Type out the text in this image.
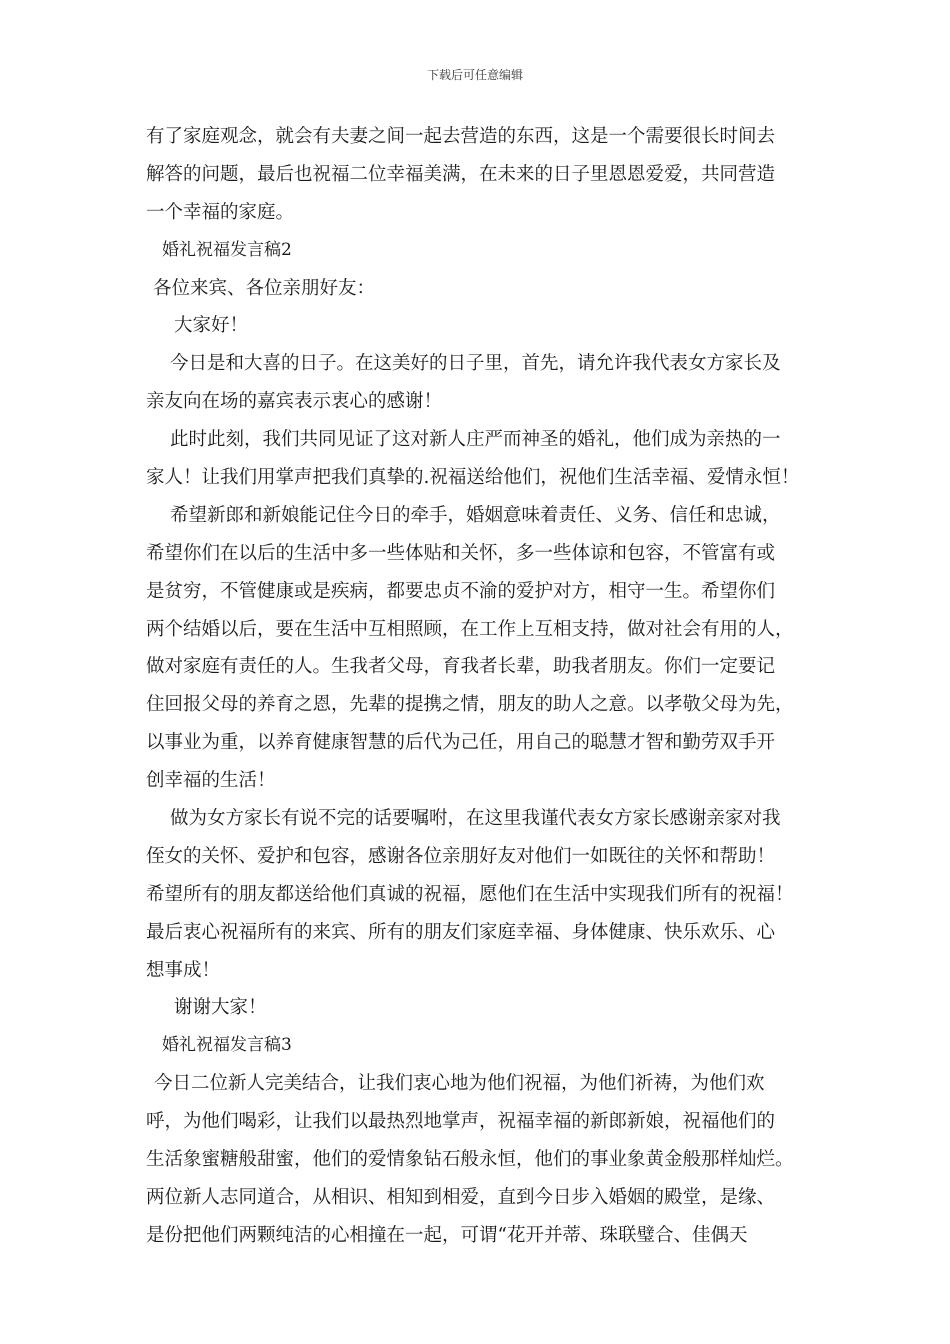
下载后可任意编辑
有了家庭观念，就会有夫妻之间一起去营造的东西，这是一个需要很长时间去
解答的问题，最后也祝福二位幸福美满，在未来的日子里恩恩爱爱，共同营造
一个幸福的家庭。
婚礼祝福发言稿2
各位来宾、各位亲朋好友：
大家好！
今日是和大喜的日子。在这美好的日子里，首先，请允许我代表女方家长及
亲友向在场的嘉宾表示衷心的感谢！
此时此刻，我们共同见证了这对新人庄严而神圣的婚礼，他们成为亲热的一
家人！让我们用掌声把我们真挚的.祝福送给他们，祝他们生活幸福、爱情永恒！
希望新郎和新娘能记住今日的牵手，婚姻意味着责任、义务、信任和忠诚，
希望你们在以后的生活中多一些体贴和关怀，多一些体谅和包容，不管富有或
是贫穷，不管健康或是疾病，都要忠贞不渝的爱护对方，相守一生。希望你们
两个结婚以后，要在生活中互相照顾，在工作上互相支持，做对社会有用的人，
做对家庭有责任的人。生我者父母，育我者长辈，助我者朋友。你们一定要记
住回报父母的养育之恩，先辈的提携之情，朋友的助人之意。以孝敬父母为先，
以事业为重，以养育健康智慧的后代为己任，用自己的聪慧才智和勤劳双手开
创幸福的生活！
做为女方家长有说不完的话要嘱咐，在这里我谨代表女方家长感谢亲家对我
侄女的关怀、爱护和包容，感谢各位亲朋好友对他们一如既往的关怀和帮助！
希望所有的朋友都送给他们真诚的祝福，愿他们在生活中实现我们所有的祝福！
最后衷心祝福所有的来宾、所有的朋友们家庭幸福、身体健康、快乐欢乐、心
想事成！
谢谢大家！
婚礼祝福发言稿3
今日二位新人完美结合，让我们衷心地为他们祝福，为他们祈祷，为他们欢
呼，为他们喝彩，让我们以最热烈地掌声，祝福幸福的新郎新娘，祝福他们的
生活象蜜糖般甜蜜，他们的爱情象钻石般永恒，他们的事业象黄金般那样灿烂。
两位新人志同道合，从相识、相知到相爱，直到今日步入婚姻的殿堂，是缘、
是份把他们两颗纯洁的心相撞在一起，可谓“花开并蒂、珠联璧合、佳偶天
